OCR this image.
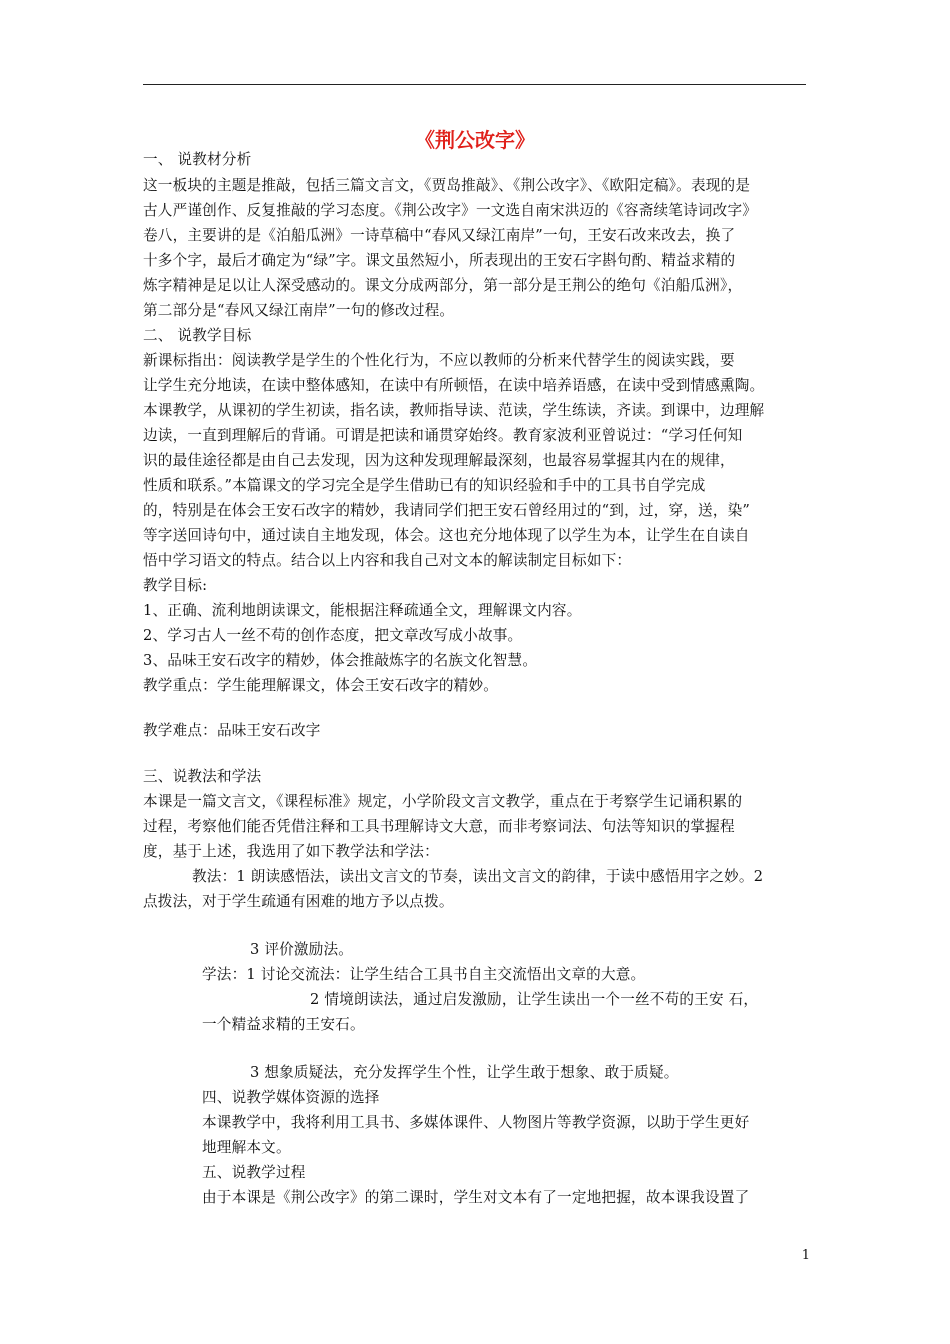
《荆公改字》
一、 说教材分析
这一板块的主题是推敲，包括三篇文言文，《贾岛推敲》、《荆公改字》、《欧阳定稿》。表现的是
古人严谨创作、反复推敲的学习态度。《荆公改字》一文选自南宋洪迈的《容斋续笔诗词改字》
卷八，主要讲的是《泊船瓜洲》一诗草稿中“春风又绿江南岸”一句，王安石改来改去，换了
十多个字，最后才确定为“绿”字。课文虽然短小，所表现出的王安石字斟句酌、精益求精的
炼字精神是足以让人深受感动的。课文分成两部分，第一部分是王荆公的绝句《泊船瓜洲》，
第二部分是“春风又绿江南岸”一句的修改过程。
二、 说教学目标
新课标指出：阅读教学是学生的个性化行为，不应以教师的分析来代替学生的阅读实践，要
让学生充分地读，在读中整体感知，在读中有所顿悟，在读中培养语感，在读中受到情感熏陶。
本课教学，从课初的学生初读，指名读，教师指导读、范读，学生练读，齐读。到课中，边理解
边读，一直到理解后的背诵。可谓是把读和诵贯穿始终。教育家波利亚曾说过：“学习任何知
识的最佳途径都是由自己去发现，因为这种发现理解最深刻，也最容易掌握其内在的规律，
性质和联系。”本篇课文的学习完全是学生借助已有的知识经验和手中的工具书自学完成
的，特别是在体会王安石改字的精妙，我请同学们把王安石曾经用过的“到，过，穿，送，染”
等字送回诗句中，通过读自主地发现，体会。这也充分地体现了以学生为本，让学生在自读自
悟中学习语文的特点。结合以上内容和我自己对文本的解读制定目标如下：
教学目标:
1、正确、流利地朗读课文，能根据注释疏通全文，理解课文内容。
2、学习古人一丝不苟的创作态度，把文章改写成小故事。
3、品味王安石改字的精妙，体会推敲炼字的名族文化智慧。
教学重点：学生能理解课文，体会王安石改字的精妙。
教学难点：品味王安石改字
三、说教法和学法
本课是一篇文言文，《课程标准》规定，小学阶段文言文教学，重点在于考察学生记诵积累的
过程，考察他们能否凭借注释和工具书理解诗文大意，而非考察词法、句法等知识的掌握程
度，基于上述，我选用了如下教学法和学法：
教法：1 朗读感悟法，读出文言文的节奏，读出文言文的韵律，于读中感悟用字之妙。2
点拨法，对于学生疏通有困难的地方予以点拨。
3 评价激励法。
学法：1 讨论交流法：让学生结合工具书自主交流悟出文章的大意。
2 情境朗读法，通过启发激励，让学生读出一个一丝不苟的王安 石，
一个精益求精的王安石。
3 想象质疑法，充分发挥学生个性，让学生敢于想象、敢于质疑。
四、说教学媒体资源的选择
本课教学中，我将利用工具书、多媒体课件、人物图片等教学资源，以助于学生更好
地理解本文。
五、说教学过程
由于本课是《荆公改字》的第二课时，学生对文本有了一定地把握，故本课我设置了
1
